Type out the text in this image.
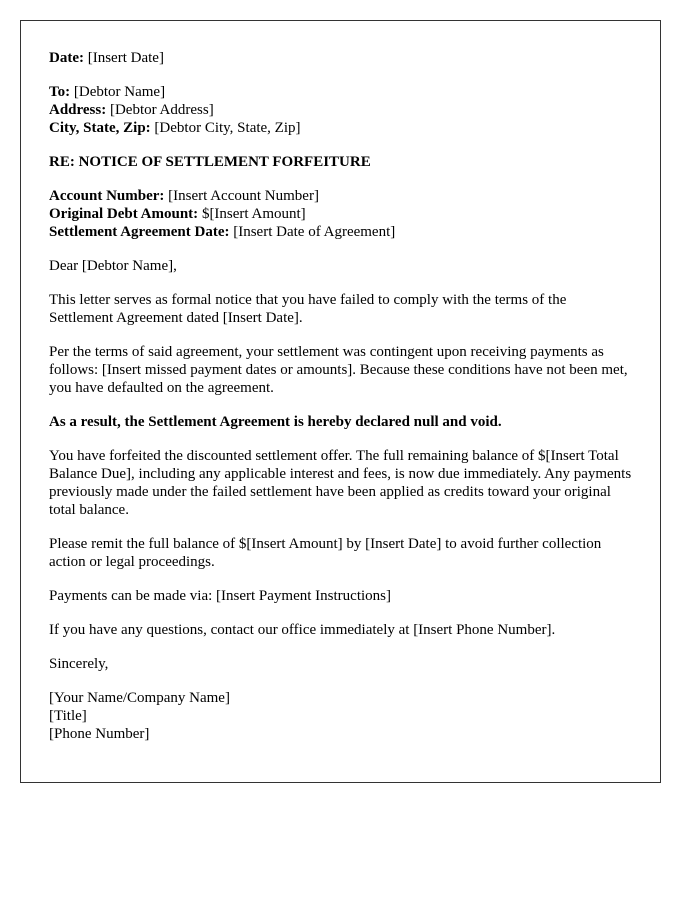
Date: [Insert Date]

To: [Debtor Name]
Address: [Debtor Address]
City, State, Zip: [Debtor City, State, Zip]

RE: NOTICE OF SETTLEMENT FORFEITURE

Account Number: [Insert Account Number]
Original Debt Amount: $[Insert Amount]
Settlement Agreement Date: [Insert Date of Agreement]

Dear [Debtor Name],

This letter serves as formal notice that you have failed to comply with the terms of the Settlement Agreement dated [Insert Date].

Per the terms of said agreement, your settlement was contingent upon receiving payments as follows: [Insert missed payment dates or amounts]. Because these conditions have not been met, you have defaulted on the agreement.

As a result, the Settlement Agreement is hereby declared null and void.

You have forfeited the discounted settlement offer. The full remaining balance of $[Insert Total Balance Due], including any applicable interest and fees, is now due immediately. Any payments previously made under the failed settlement have been applied as credits toward your original total balance.

Please remit the full balance of $[Insert Amount] by [Insert Date] to avoid further collection action or legal proceedings.

Payments can be made via: [Insert Payment Instructions]

If you have any questions, contact our office immediately at [Insert Phone Number].

Sincerely,

[Your Name/Company Name]
[Title]
[Phone Number]
